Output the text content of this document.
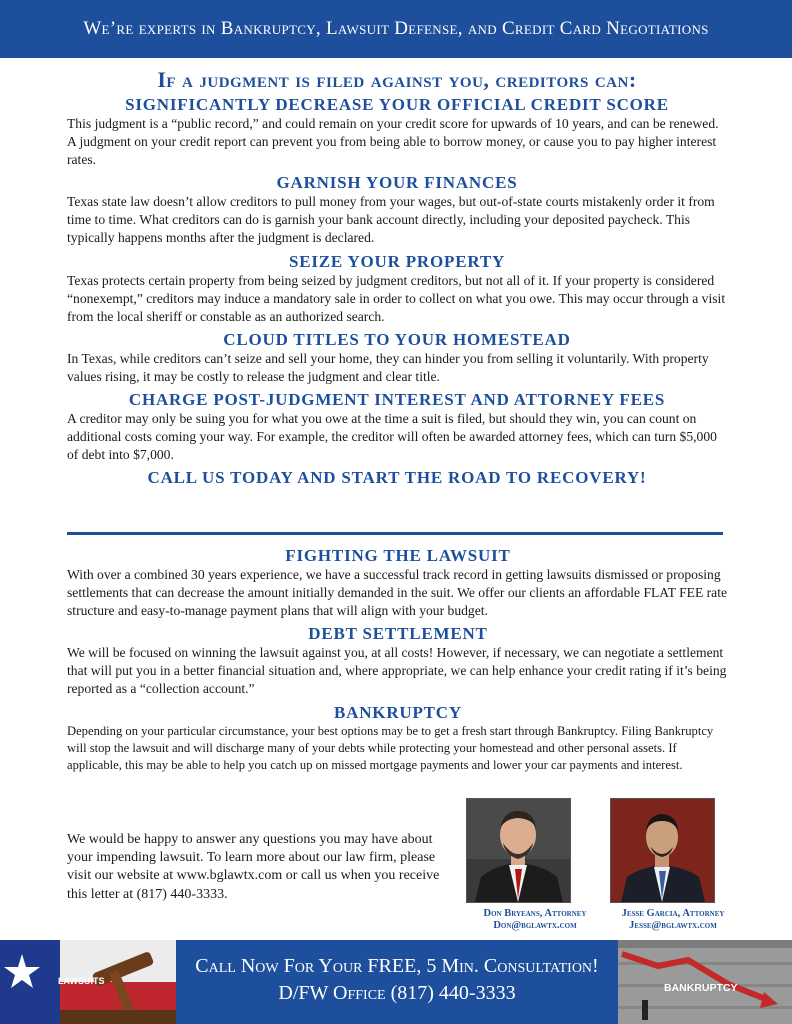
We’re experts in Bankruptcy, Lawsuit Defense, and Credit Card Negotiations
If a judgment is filed against you, creditors can:
SIGNIFICANTLY DECREASE YOUR OFFICIAL CREDIT SCORE

This judgment is a “public record,” and could remain on your credit score for upwards of 10 years, and can be renewed. A judgment on your credit report can prevent you from being able to borrow money, or cause you to pay higher interest rates.

GARNISH YOUR FINANCES

Texas state law doesn’t allow creditors to pull money from your wages, but out-of-state courts mistakenly order it from time to time. What creditors can do is garnish your bank account directly, including your deposited paycheck. This typically happens months after the judgment is declared.

SEIZE YOUR PROPERTY

Texas protects certain property from being seized by judgment creditors, but not all of it. If your property is considered “nonexempt,” creditors may induce a mandatory sale in order to collect on what you owe. This may occur through a visit from the local sheriff or constable as an authorized search.

CLOUD TITLES TO YOUR HOMESTEAD

In Texas, while creditors can’t seize and sell your home, they can hinder you from selling it voluntarily. With property values rising, it may be costly to release the judgment and clear title.

CHARGE POST-JUDGMENT INTEREST AND ATTORNEY FEES

A creditor may only be suing you for what you owe at the time a suit is filed, but should they win, you can count on additional costs coming your way. For example, the creditor will often be awarded attorney fees, which can turn $5,000 of debt into $7,000.

CALL US TODAY AND START THE ROAD TO RECOVERY!
FIGHTING THE LAWSUIT

With over a combined 30 years experience, we have a successful track record in getting lawsuits dismissed or proposing settlements that can decrease the amount initially demanded in the suit. We offer our clients an affordable FLAT FEE rate structure and easy-to-manage payment plans that will align with your budget.

DEBT SETTLEMENT

We will be focused on winning the lawsuit against you, at all costs! However, if necessary, we can negotiate a settlement that will put you in a better financial situation and, where appropriate, we can help enhance your credit rating if it’s being reported as a “collection account.”

BANKRUPTCY

Depending on your particular circumstance, your best options may be to get a fresh start through Bankruptcy. Filing Bankruptcy will stop the lawsuit and will discharge many of your debts while protecting your homestead and other personal assets. If applicable, this may be able to help you catch up on missed mortgage payments and lower your car payments and interest.

We would be happy to answer any questions you may have about your impending lawsuit. To learn more about our law firm, please visit our website at www.bglawtx.com or call us when you receive this letter at (817) 440-3333.
Don Bryeans, Attorney
Don@bglawtx.com
Jesse Garcia, Attorney
Jesse@bglawtx.com
LAWSUITS
Call Now For Your FREE, 5 Min. Consultation!
D/FW Office (817) 440-3333	BANKRUPTCY
